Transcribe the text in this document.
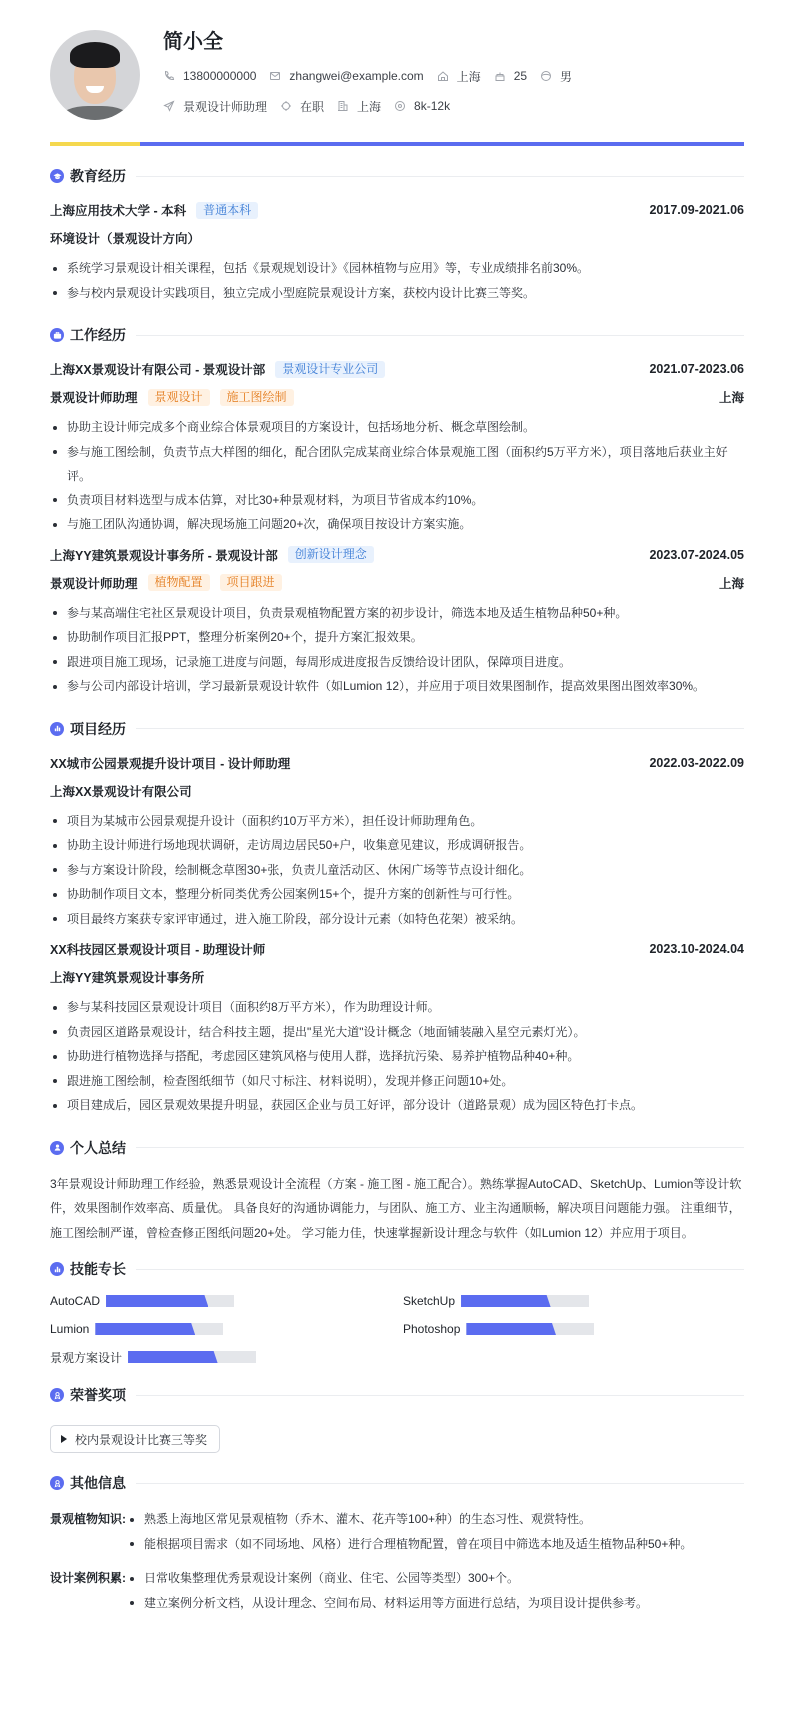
简小全
13800000000	zhangwei@example.com	上海	25	男
景观设计师助理	在职	上海	8k-12k
教育经历
上海应用技术大学 - 本科	普通本科	2017.09-2021.06
环境设计（景观设计方向）
系统学习景观设计相关课程，包括《景观规划设计》《园林植物与应用》等，专业成绩排名前30%。
参与校内景观设计实践项目，独立完成小型庭院景观设计方案，获校内设计比赛三等奖。
工作经历
上海XX景观设计有限公司 - 景观设计部	景观设计专业公司	2021.07-2023.06
景观设计师助理	景观设计	施工图绘制	上海
协助主设计师完成多个商业综合体景观项目的方案设计，包括场地分析、概念草图绘制。
参与施工图绘制，负责节点大样图的细化，配合团队完成某商业综合体景观施工图（面积约5万平方米），项目落地后获业主好评。
负责项目材料选型与成本估算，对比30+种景观材料，为项目节省成本约10%。
与施工团队沟通协调，解决现场施工问题20+次，确保项目按设计方案实施。
上海YY建筑景观设计事务所 - 景观设计部	创新设计理念	2023.07-2024.05
景观设计师助理	植物配置	项目跟进	上海
参与某高端住宅社区景观设计项目，负责景观植物配置方案的初步设计，筛选本地及适生植物品种50+种。
协助制作项目汇报PPT，整理分析案例20+个，提升方案汇报效果。
跟进项目施工现场，记录施工进度与问题，每周形成进度报告反馈给设计团队，保障项目进度。
参与公司内部设计培训，学习最新景观设计软件（如Lumion 12），并应用于项目效果图制作，提高效果图出图效率30%。
项目经历
XX城市公园景观提升设计项目 - 设计师助理	2022.03-2022.09
上海XX景观设计有限公司
项目为某城市公园景观提升设计（面积约10万平方米），担任设计师助理角色。
协助主设计师进行场地现状调研，走访周边居民50+户，收集意见建议，形成调研报告。
参与方案设计阶段，绘制概念草图30+张，负责儿童活动区、休闲广场等节点设计细化。
协助制作项目文本，整理分析同类优秀公园案例15+个，提升方案的创新性与可行性。
项目最终方案获专家评审通过，进入施工阶段，部分设计元素（如特色花架）被采纳。
XX科技园区景观设计项目 - 助理设计师	2023.10-2024.04
上海YY建筑景观设计事务所
参与某科技园区景观设计项目（面积约8万平方米），作为助理设计师。
负责园区道路景观设计，结合科技主题，提出"星光大道"设计概念（地面铺装融入星空元素灯光）。
协助进行植物选择与搭配，考虑园区建筑风格与使用人群，选择抗污染、易养护植物品种40+种。
跟进施工图绘制，检查图纸细节（如尺寸标注、材料说明），发现并修正问题10+处。
项目建成后，园区景观效果提升明显，获园区企业与员工好评，部分设计（道路景观）成为园区特色打卡点。
个人总结

3年景观设计师助理工作经验，熟悉景观设计全流程（方案 - 施工图 - 施工配合）。熟练掌握AutoCAD、SketchUp、Lumion等设计软件，效果图制作效率高、质量优。 具备良好的沟通协调能力，与团队、施工方、业主沟通顺畅，解决项目问题能力强。 注重细节，施工图绘制严谨，曾检查修正图纸问题20+处。 学习能力佳，快速掌握新设计理念与软件（如Lumion 12）并应用于项目。

技能专长
AutoCAD	SketchUp
Lumion	Photoshop
景观方案设计
荣誉奖项
校内景观设计比赛三等奖
其他信息
景观植物知识:	熟悉上海地区常见景观植物（乔木、灌木、花卉等100+种）的生态习性、观赏特性。
能根据项目需求（如不同场地、风格）进行合理植物配置，曾在项目中筛选本地及适生植物品种50+种。
设计案例积累:	日常收集整理优秀景观设计案例（商业、住宅、公园等类型）300+个。
建立案例分析文档，从设计理念、空间布局、材料运用等方面进行总结，为项目设计提供参考。
